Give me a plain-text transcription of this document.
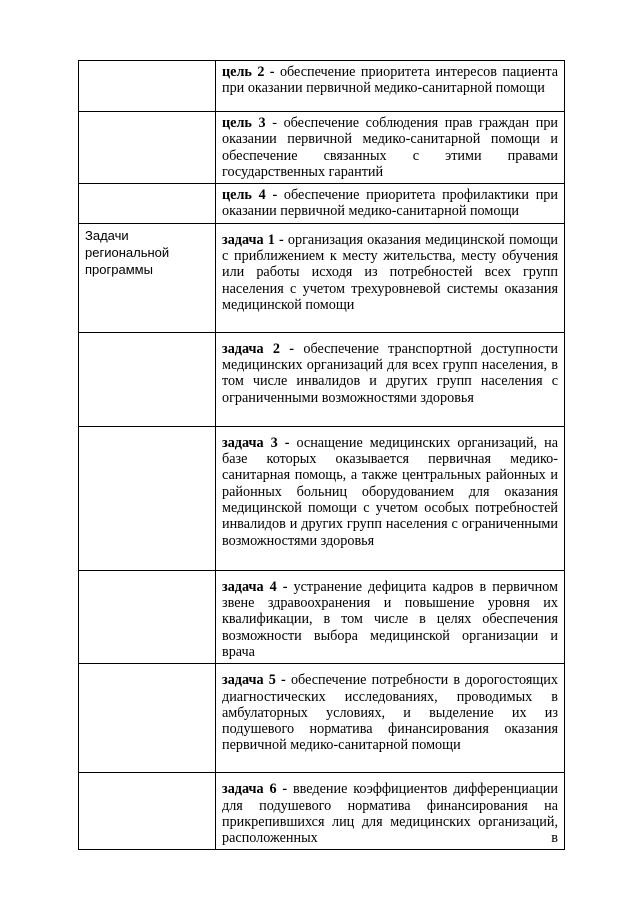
	цель 2 - обеспечение приоритета интересов пациента при оказании первичной медико-санитарной помощи

	цель 3 - обеспечение соблюдения прав граждан при оказании первичной медико-санитарной помощи и обеспечение связанных с этими правами государственных гарантий

	цель 4 - обеспечение приоритета профилактики при оказании первичной медико-санитарной помощи

Задачи региональной программы	задача 1 - организация оказания медицинской помощи с приближением к месту жительства, месту обучения или работы исходя из потребностей всех групп населения с учетом трехуровневой системы оказания медицинской помощи

	задача 2 - обеспечение транспортной доступности медицинских организаций для всех групп населения, в том числе инвалидов и других групп населения с ограниченными возможностями здоровья

	задача 3 - оснащение медицинских организаций, на базе которых оказывается первичная медико-санитарная помощь, а также центральных районных и районных больниц оборудованием для оказания медицинской помощи с учетом особых потребностей инвалидов и других групп населения с ограниченными возможностями здоровья

	задача 4 - устранение дефицита кадров в первичном звене здравоохранения и повышение уровня их квалификации, в том числе в целях обеспечения возможности выбора медицинской организации и врача

	задача 5 - обеспечение потребности в дорогостоящих диагностических исследованиях, проводимых в амбулаторных условиях, и выделение их из подушевого норматива финансирования оказания первичной медико-санитарной помощи

	задача 6 - введение коэффициентов дифференциации для подушевого норматива финансирования на прикрепившихся лиц для медицинских организаций, расположенных в
